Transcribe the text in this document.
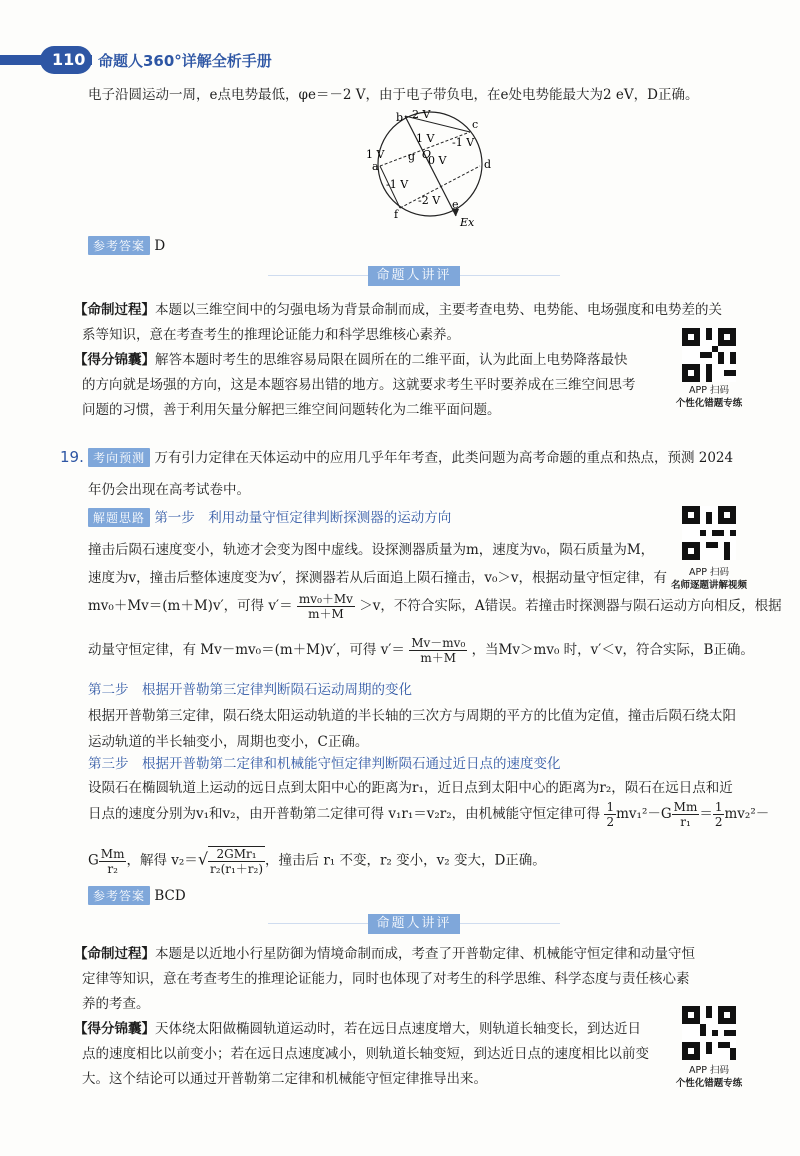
110 命题人360°详解全析手册
电子沿圆运动一周，e点电势最低，φe＝－2 V，由于电子带负电，在e处电势能最大为2 eV，D正确。
b
c
a	d
f
e
g O
Ex
2 V
1 V
1 V
-1 V
0 V
-1 V
-2 V
参考答案 D
命题人讲评
【命制过程】本题以三维空间中的匀强电场为背景命制而成，主要考查电势、电势能、电场强度和电势差的关
系等知识，意在考查考生的推理论证能力和科学思维核心素养。
【得分锦囊】解答本题时考生的思维容易局限在圆所在的二维平面，认为此面上电势降落最快
的方向就是场强的方向，这是本题容易出错的地方。这就要求考生平时要养成在三维空间思考
问题的习惯，善于利用矢量分解把三维空间问题转化为二维平面问题。
APP 扫码
个性化错题专练
19. 考向预测 万有引力定律在天体运动中的应用几乎年年考查，此类问题为高考命题的重点和热点，预测 2024
年仍会出现在高考试卷中。
解题思路 第一步　利用动量守恒定律判断探测器的运动方向
撞击后陨石速度变小，轨迹才会变为图中虚线。设探测器质量为m，速度为v₀，陨石质量为M，
速度为v，撞击后整体速度变为v′，探测器若从后面追上陨石撞击，v₀＞v，根据动量守恒定律，有
mv₀＋Mv＝(m＋M)v′，可得 $v'= \frac{\text{mv₀＋Mv}}{m+M} >v$，不符合实际，A错误。若撞击时探测器与陨石运动方向相反，根据
动量守恒定律，有 Mv－mv₀＝(m＋M)v′，可得 $v'= \frac{\text{Mv－mv₀}}{m+M}$ ，当Mv＞mv₀ 时，v′＜v，符合实际，B正确。
第二步　根据开普勒第三定律判断陨石运动周期的变化
根据开普勒第三定律，陨石绕太阳运动轨道的半长轴的三次方与周期的平方的比值为定值，撞击后陨石绕太阳
运动轨道的半长轴变小，周期也变小，C正确。
第三步　根据开普勒第二定律和机械能守恒定律判断陨石通过近日点的速度变化
设陨石在椭圆轨道上运动的远日点到太阳中心的距离为r₁，近日点到太阳中心的距离为r₂，陨石在远日点和近
日点的速度分别为v₁和v₂，由开普勒第二定律可得 v₁r₁＝v₂r₂，由机械能守恒定律可得 $\frac{1}{2} mv_1^2-G \frac{Mm}{\text{r₁}} = \frac{1}{2} mv_2^2-$
G $\frac{Mm}{\text{r₂}}$ ，解得 $v_2=√ \frac{\text{2GMr₁}}{\text{r₂(r₁＋r₂)}}$ ，撞击后 r₁ 不变，r₂ 变小，v₂ 变大，D正确。
参考答案 BCD
APP 扫码
名师逐题讲解视频
命题人讲评
【命制过程】本题是以近地小行星防御为情境命制而成，考查了开普勒定律、机械能守恒定律和动量守恒
定律等知识，意在考查考生的推理论证能力，同时也体现了对考生的科学思维、科学态度与责任核心素
养的考查。
【得分锦囊】天体绕太阳做椭圆轨道运动时，若在远日点速度增大，则轨道长轴变长，到达近日
点的速度相比以前变小；若在远日点速度减小，则轨道长轴变短，到达近日点的速度相比以前变
大。这个结论可以通过开普勒第二定律和机械能守恒定律推导出来。
APP 扫码
个性化错题专练
